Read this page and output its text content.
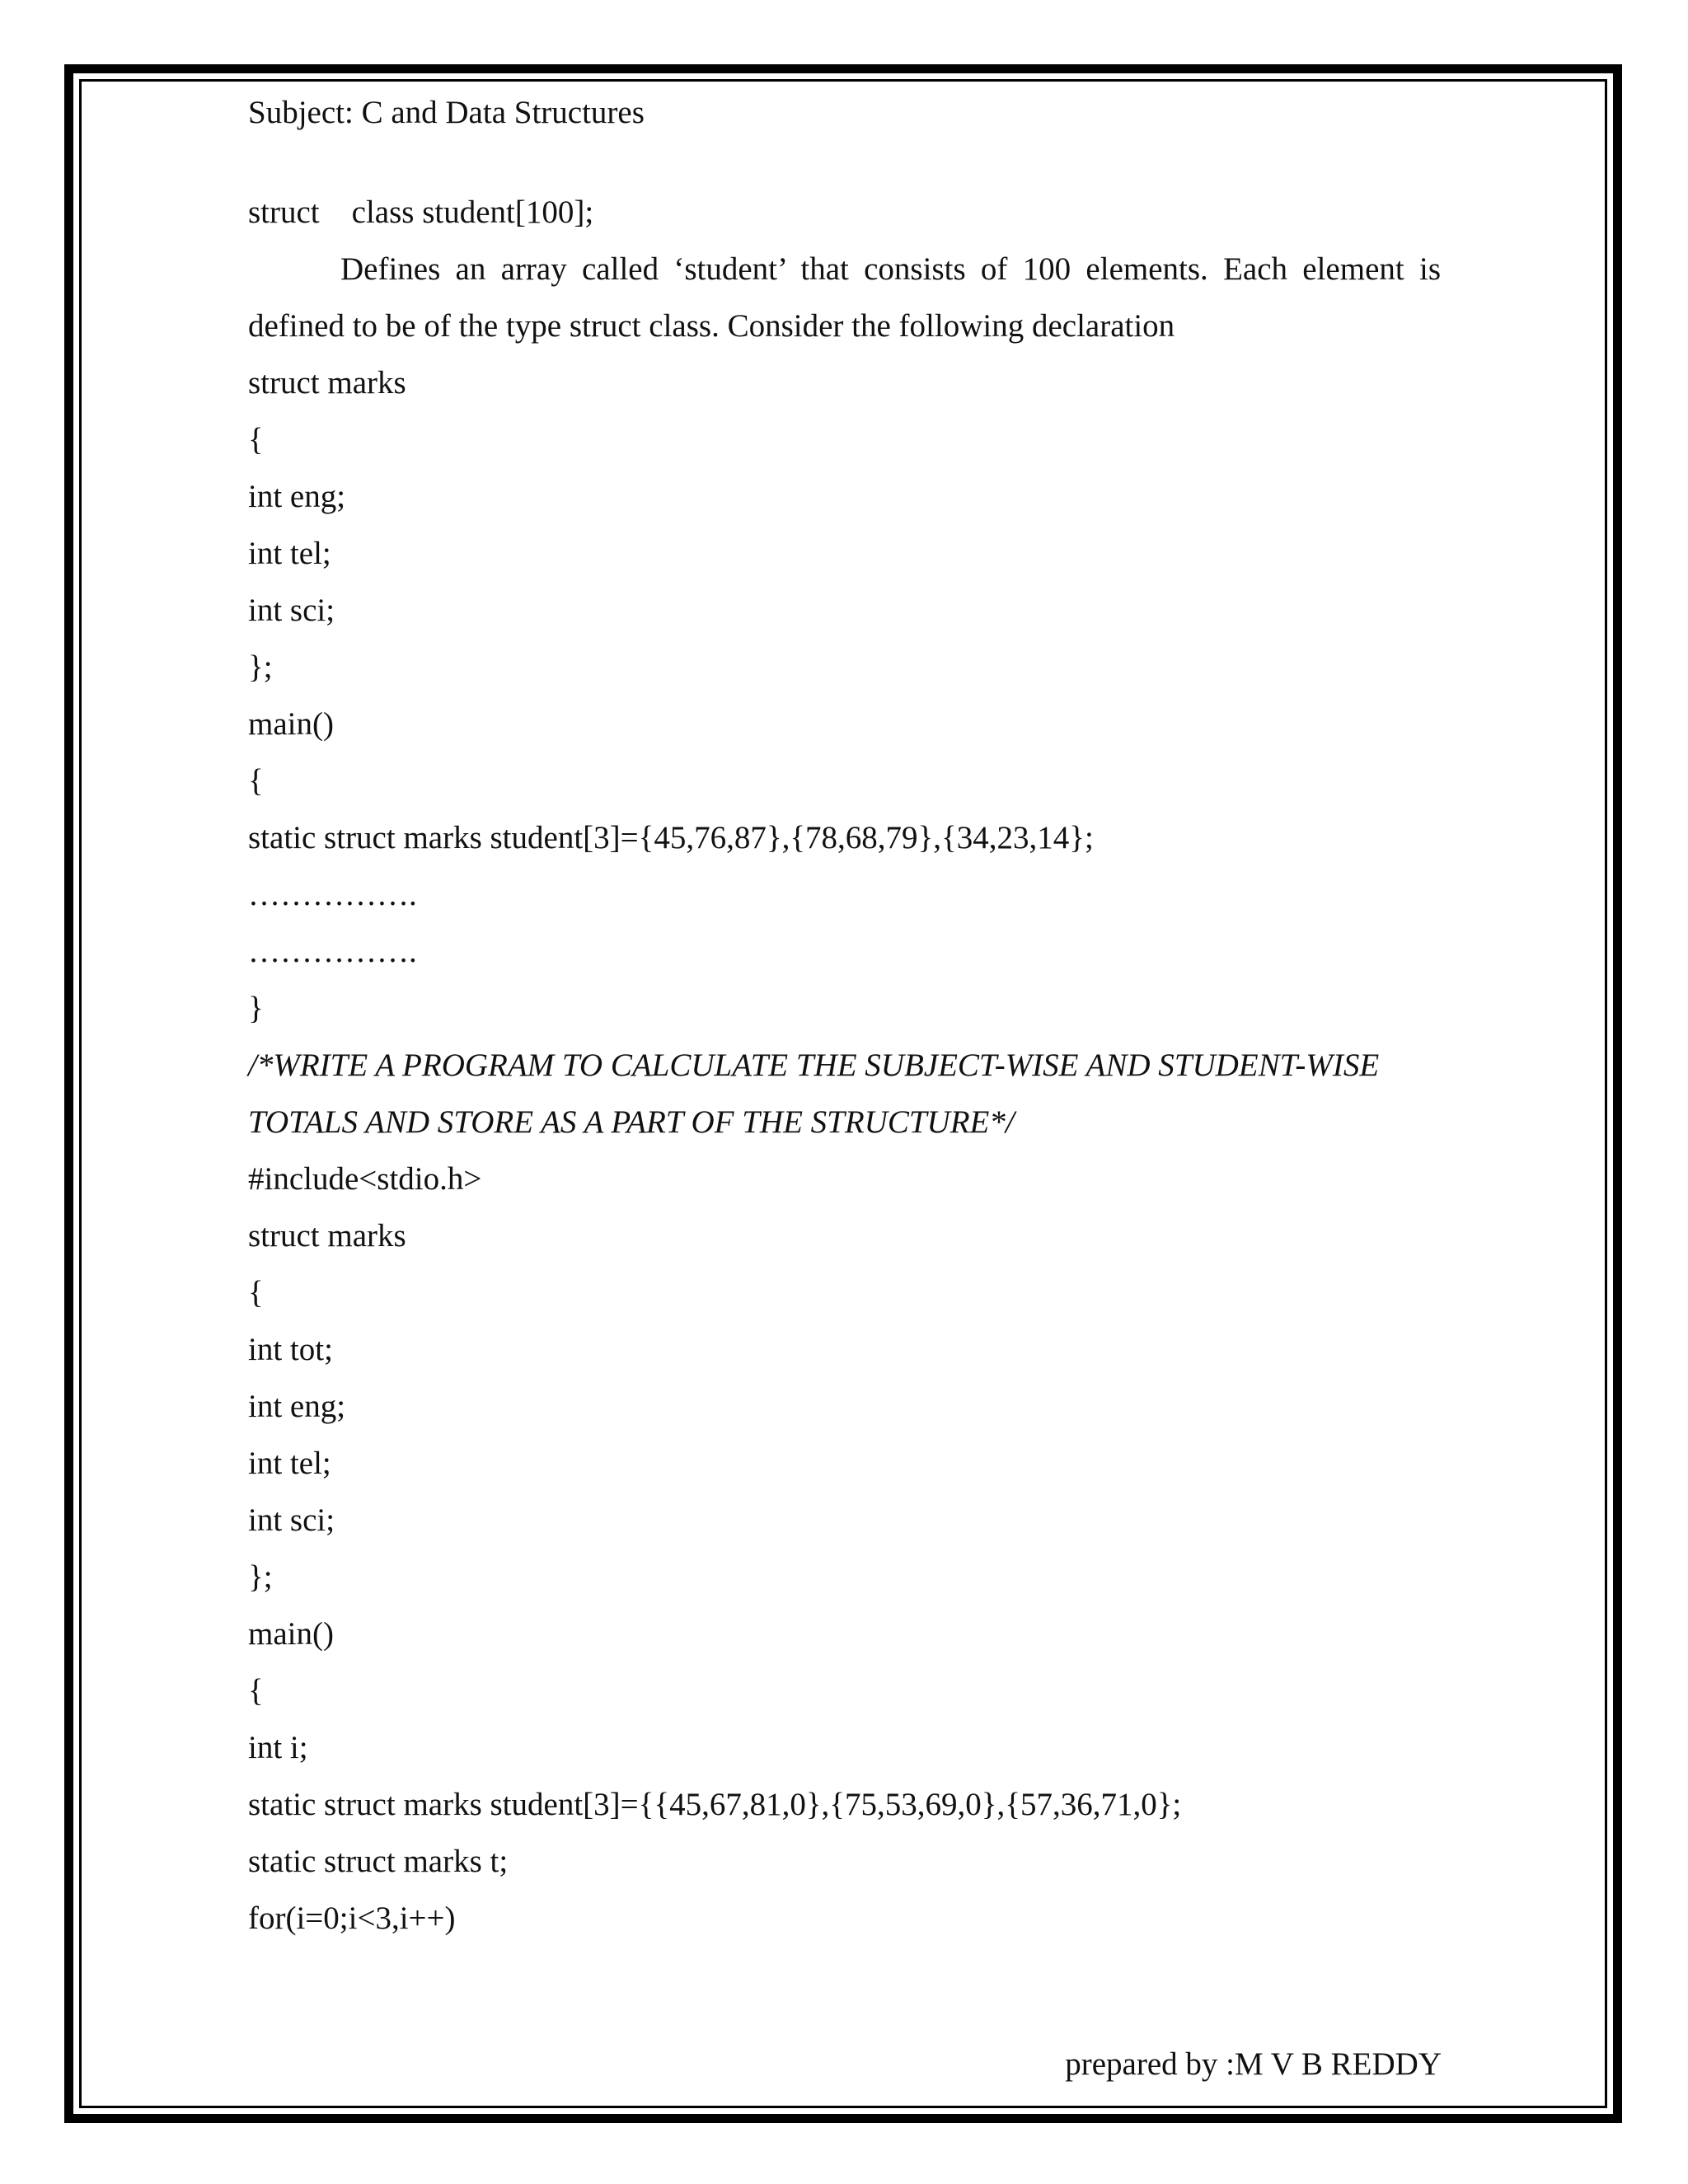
Subject: C and Data Structures
struct    class student[100];
Defines an array called ‘student’ that consists of 100 elements. Each element is
defined to be of the type struct class. Consider the following declaration
struct marks
{
int eng;
int tel;
int sci;
};
main()
{
static struct marks student[3]={45,76,87},{78,68,79},{34,23,14};
…………….
…………….
}
/*WRITE A PROGRAM TO CALCULATE THE SUBJECT-WISE AND STUDENT-WISE
TOTALS AND STORE AS A PART OF THE STRUCTURE*/
#include<stdio.h>
struct marks
{
int tot;
int eng;
int tel;
int sci;
};
main()
{
int i;
static struct marks student[3]={{45,67,81,0},{75,53,69,0},{57,36,71,0};
static struct marks t;
for(i=0;i<3,i++)
prepared by :M V B REDDY
